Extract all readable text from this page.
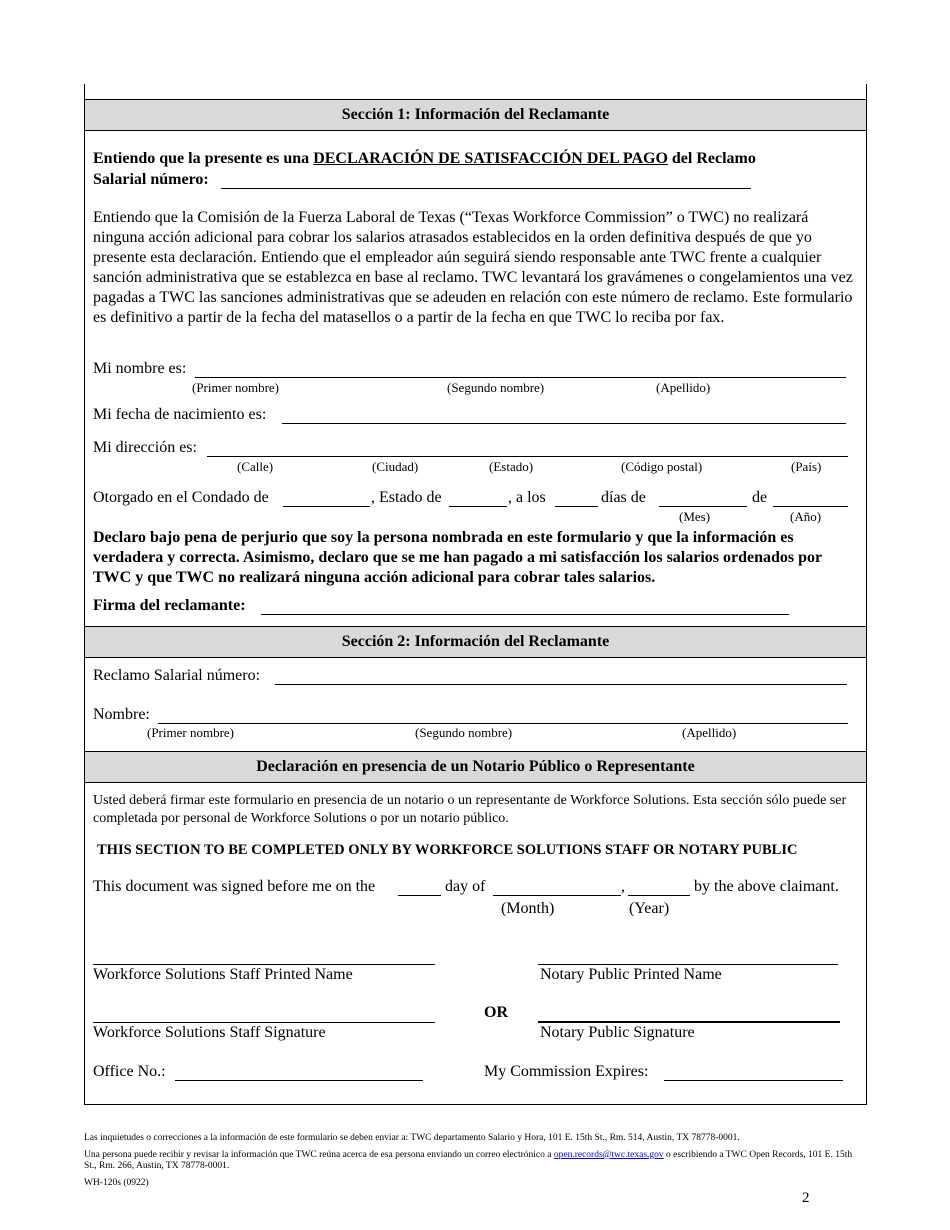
Sección 1: Información del Reclamante
Entiendo que la presente es una DECLARACIÓN DE SATISFACCIÓN DEL PAGO del Reclamo
Salarial número:
Entiendo que la Comisión de la Fuerza Laboral de Texas (“Texas Workforce Commission” o TWC) no realizará ninguna acción adicional para cobrar los salarios atrasados establecidos en la orden definitiva después de que yo presente esta declaración. Entiendo que el empleador aún seguirá siendo responsable ante TWC frente a cualquier sanción administrativa que se establezca en base al reclamo. TWC levantará los gravámenes o congelamientos una vez pagadas a TWC las sanciones administrativas que se adeuden en relación con este número de reclamo. Este formulario es definitivo a partir de la fecha del matasellos o a partir de la fecha en que TWC lo reciba por fax.
Mi nombre es:
(Primer nombre)	(Segundo nombre)	(Apellido)
Mi fecha de nacimiento es:
Mi dirección es:
(Calle)	(Ciudad)	(Estado)	(Código postal)	(País)
Otorgado en el Condado de	, Estado de	, a los	días de	de
(Mes)	(Año)
Declaro bajo pena de perjurio que soy la persona nombrada en este formulario y que la información es verdadera y correcta. Asimismo, declaro que se me han pagado a mi satisfacción los salarios ordenados por TWC y que TWC no realizará ninguna acción adicional para cobrar tales salarios.
Firma del reclamante:
Sección 2: Información del Reclamante
Reclamo Salarial número:
Nombre:
(Primer nombre)	(Segundo nombre)	(Apellido)
Declaración en presencia de un Notario Público o Representante
Usted deberá firmar este formulario en presencia de un notario o un representante de Workforce Solutions. Esta sección sólo puede ser completada por personal de Workforce Solutions o por un notario público.
THIS SECTION TO BE COMPLETED ONLY BY WORKFORCE SOLUTIONS STAFF OR NOTARY PUBLIC
This document was signed before me on the	day of	,	by the above claimant.
(Month)	(Year)
Workforce Solutions Staff Printed Name	Notary Public Printed Name
OR
Workforce Solutions Staff Signature	Notary Public Signature
Office No.:	My Commission Expires:
Las inquietudes o correcciones a la información de este formulario se deben enviar a: TWC departamento Salario y Hora, 101 E. 15th St., Rm. 514, Austin, TX 78778-0001.
Una persona puede recibir y revisar la información que TWC reúna acerca de esa persona enviando un correo electrónico a open.records@twc.texas.gov o escribiendo a TWC Open Records, 101 E. 15th St., Rm. 266, Austin, TX 78778-0001.
WH-120s (0922)
2
